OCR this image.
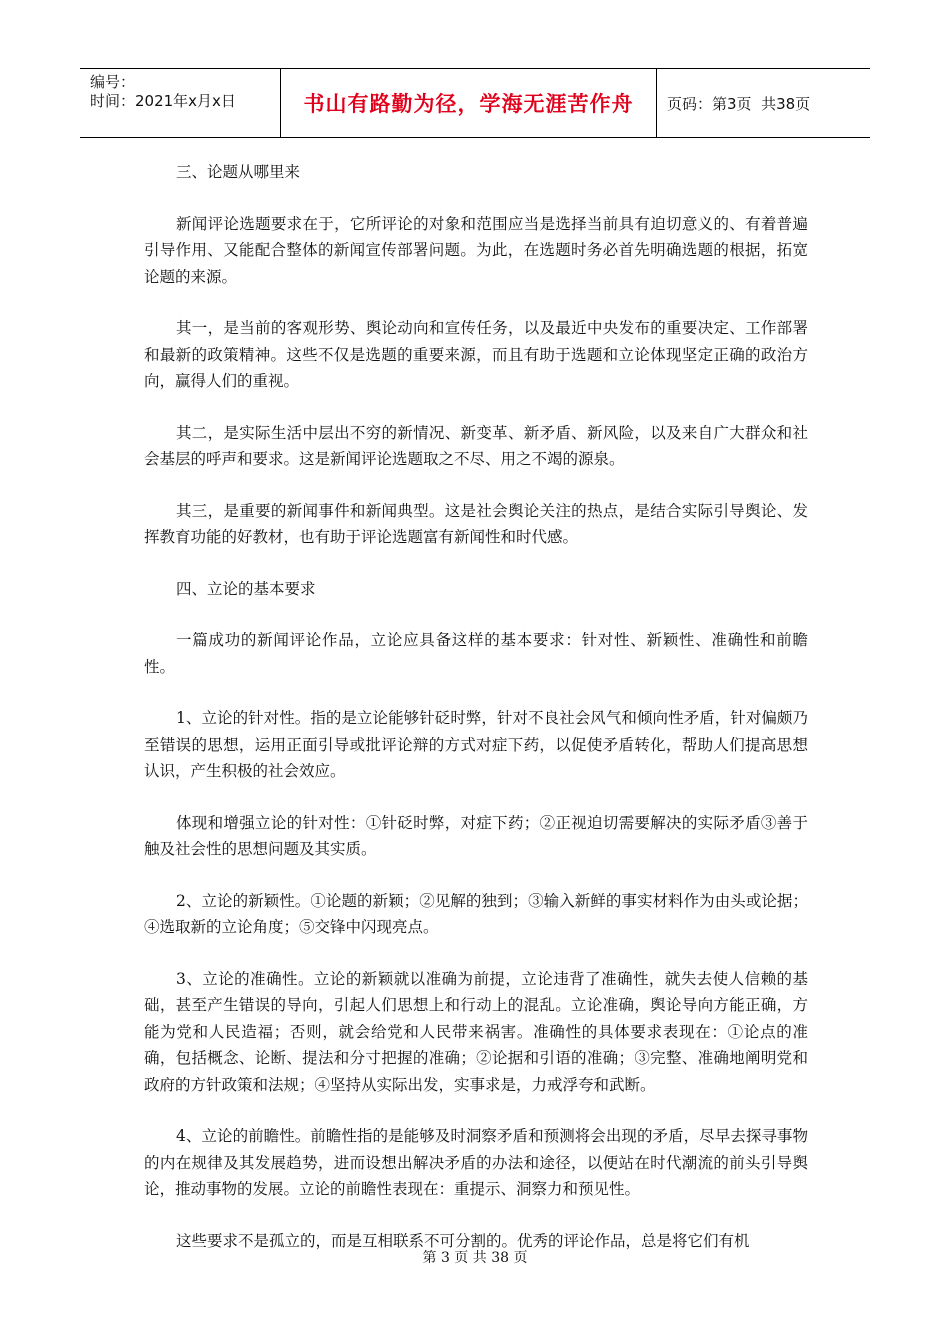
编号：
时间：2021年x月x日	书山有路勤为径，学海无涯苦作舟	页码：第3页  共38页

三、论题从哪里来

新闻评论选题要求在于，它所评论的对象和范围应当是选择当前具有迫切意义的、有着普遍引导作用、又能配合整体的新闻宣传部署问题。为此，在选题时务必首先明确选题的根据，拓宽论题的来源。

其一，是当前的客观形势、舆论动向和宣传任务，以及最近中央发布的重要决定、工作部署和最新的政策精神。这些不仅是选题的重要来源，而且有助于选题和立论体现坚定正确的政治方向，赢得人们的重视。

其二，是实际生活中层出不穷的新情况、新变革、新矛盾、新风险，以及来自广大群众和社会基层的呼声和要求。这是新闻评论选题取之不尽、用之不竭的源泉。

其三，是重要的新闻事件和新闻典型。这是社会舆论关注的热点，是结合实际引导舆论、发挥教育功能的好教材，也有助于评论选题富有新闻性和时代感。

四、立论的基本要求

一篇成功的新闻评论作品，立论应具备这样的基本要求：针对性、新颖性、准确性和前瞻性。

1、立论的针对性。指的是立论能够针砭时弊，针对不良社会风气和倾向性矛盾，针对偏颇乃至错误的思想，运用正面引导或批评论辩的方式对症下药，以促使矛盾转化，帮助人们提高思想认识，产生积极的社会效应。

体现和增强立论的针对性：①针砭时弊，对症下药；②正视迫切需要解决的实际矛盾③善于触及社会性的思想问题及其实质。

2、立论的新颖性。①论题的新颖；②见解的独到；③输入新鲜的事实材料作为由头或论据；④选取新的立论角度；⑤交锋中闪现亮点。

3、立论的准确性。立论的新颖就以准确为前提，立论违背了准确性，就失去使人信赖的基础，甚至产生错误的导向，引起人们思想上和行动上的混乱。立论准确，舆论导向方能正确，方能为党和人民造福；否则，就会给党和人民带来祸害。准确性的具体要求表现在：①论点的准确，包括概念、论断、提法和分寸把握的准确；②论据和引语的准确；③完整、准确地阐明党和政府的方针政策和法规；④坚持从实际出发，实事求是，力戒浮夸和武断。

4、立论的前瞻性。前瞻性指的是能够及时洞察矛盾和预测将会出现的矛盾，尽早去探寻事物的内在规律及其发展趋势，进而设想出解决矛盾的办法和途径，以便站在时代潮流的前头引导舆论，推动事物的发展。立论的前瞻性表现在：重提示、洞察力和预见性。

这些要求不是孤立的，而是互相联系不可分割的。优秀的评论作品，总是将它们有机

第 3 页 共 38 页
